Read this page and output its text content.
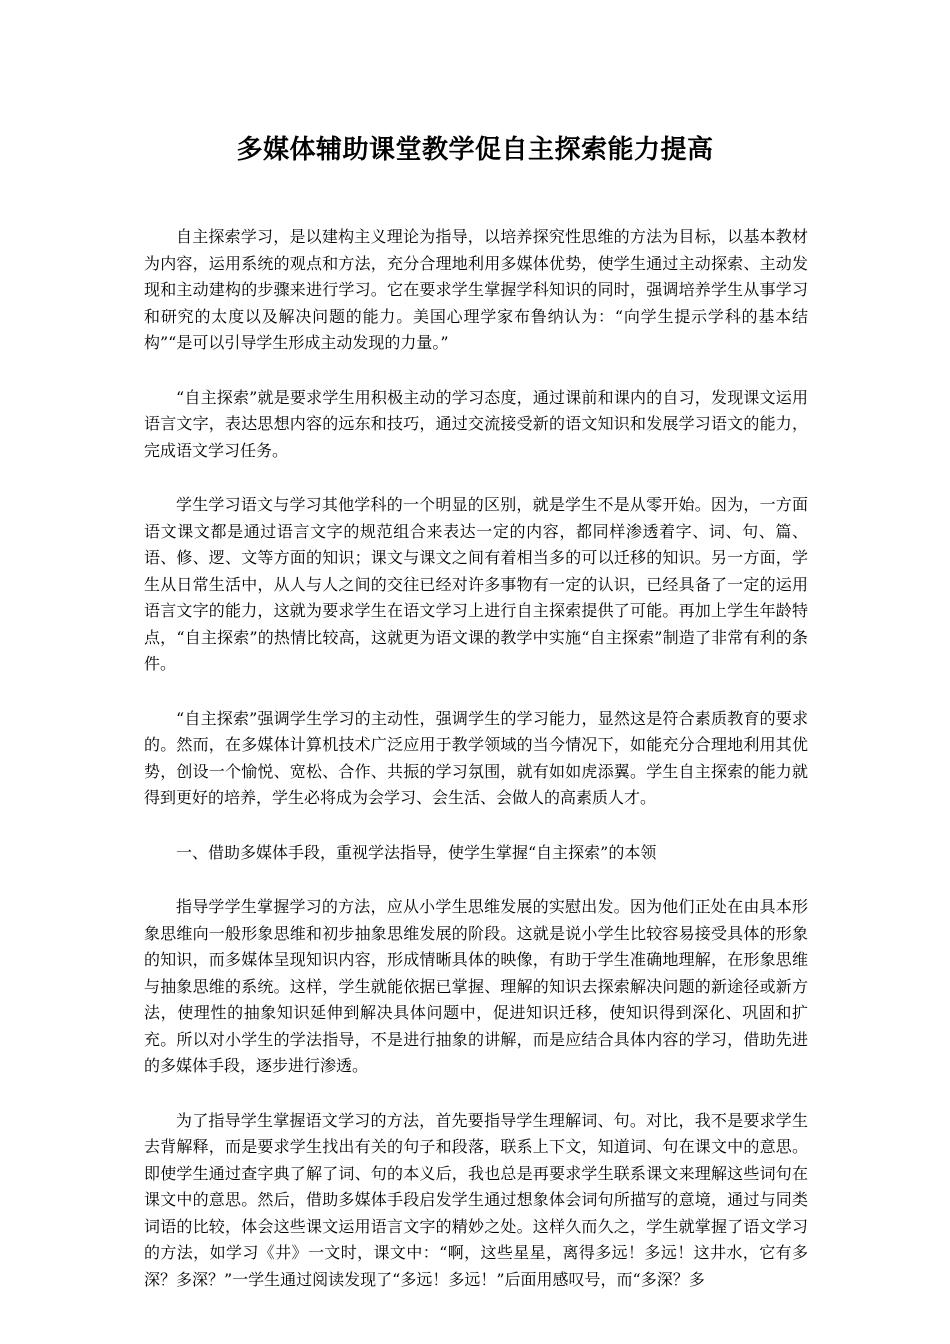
多媒体辅助课堂教学促自主探索能力提高

自主探索学习，是以建构主义理论为指导，以培养探究性思维的方法为目标，以基本教材为内容，运用系统的观点和方法，充分合理地利用多媒体优势，使学生通过主动探索、主动发现和主动建构的步骤来进行学习。它在要求学生掌握学科知识的同时，强调培养学生从事学习和研究的太度以及解决问题的能力。美国心理学家布鲁纳认为：“向学生提示学科的基本结构”“是可以引导学生形成主动发现的力量。”

“自主探索”就是要求学生用积极主动的学习态度，通过课前和课内的自习，发现课文运用语言文字，表达思想内容的远东和技巧，通过交流接受新的语文知识和发展学习语文的能力，完成语文学习任务。

学生学习语文与学习其他学科的一个明显的区别，就是学生不是从零开始。因为，一方面语文课文都是通过语言文字的规范组合来表达一定的内容，都同样渗透着字、词、句、篇、语、修、逻、文等方面的知识；课文与课文之间有着相当多的可以迁移的知识。另一方面，学生从日常生活中，从人与人之间的交往已经对许多事物有一定的认识，已经具备了一定的运用语言文字的能力，这就为要求学生在语文学习上进行自主探索提供了可能。再加上学生年龄特点，“自主探索”的热情比较高，这就更为语文课的教学中实施“自主探索”制造了非常有利的条件。

“自主探索”强调学生学习的主动性，强调学生的学习能力，显然这是符合素质教育的要求的。然而，在多媒体计算机技术广泛应用于教学领域的当今情况下，如能充分合理地利用其优势，创设一个愉悦、宽松、合作、共振的学习氛围，就有如如虎添翼。学生自主探索的能力就得到更好的培养，学生必将成为会学习、会生活、会做人的高素质人才。

一、借助多媒体手段，重视学法指导，使学生掌握“自主探索”的本领

指导学学生掌握学习的方法，应从小学生思维发展的实慰出发。因为他们正处在由具本形象思维向一般形象思维和初步抽象思维发展的阶段。这就是说小学生比较容易接受具体的形象的知识，而多媒体呈现知识内容，形成情晰具体的映像，有助于学生准确地理解，在形象思维与抽象思维的系统。这样，学生就能依据已掌握、理解的知识去探索解决问题的新途径或新方法，使理性的抽象知识延伸到解决具体问题中，促进知识迁移，使知识得到深化、巩固和扩充。所以对小学生的学法指导，不是进行抽象的讲解，而是应结合具体内容的学习，借助先进的多媒体手段，逐步进行渗透。

为了指导学生掌握语文学习的方法，首先要指导学生理解词、句。对比，我不是要求学生去背解释，而是要求学生找出有关的句子和段落，联系上下文，知道词、句在课文中的意思。即使学生通过查字典了解了词、句的本义后，我也总是再要求学生联系课文来理解这些词句在课文中的意思。然后，借助多媒体手段启发学生通过想象体会词句所描写的意境，通过与同类词语的比较，体会这些课文运用语言文字的精妙之处。这样久而久之，学生就掌握了语文学习的方法，如学习《井》一文时，课文中：“啊，这些星星，离得多远！多远！这井水，它有多深？多深？”一学生通过阅读发现了“多远！多远！”后面用感叹号，而“多深？多
